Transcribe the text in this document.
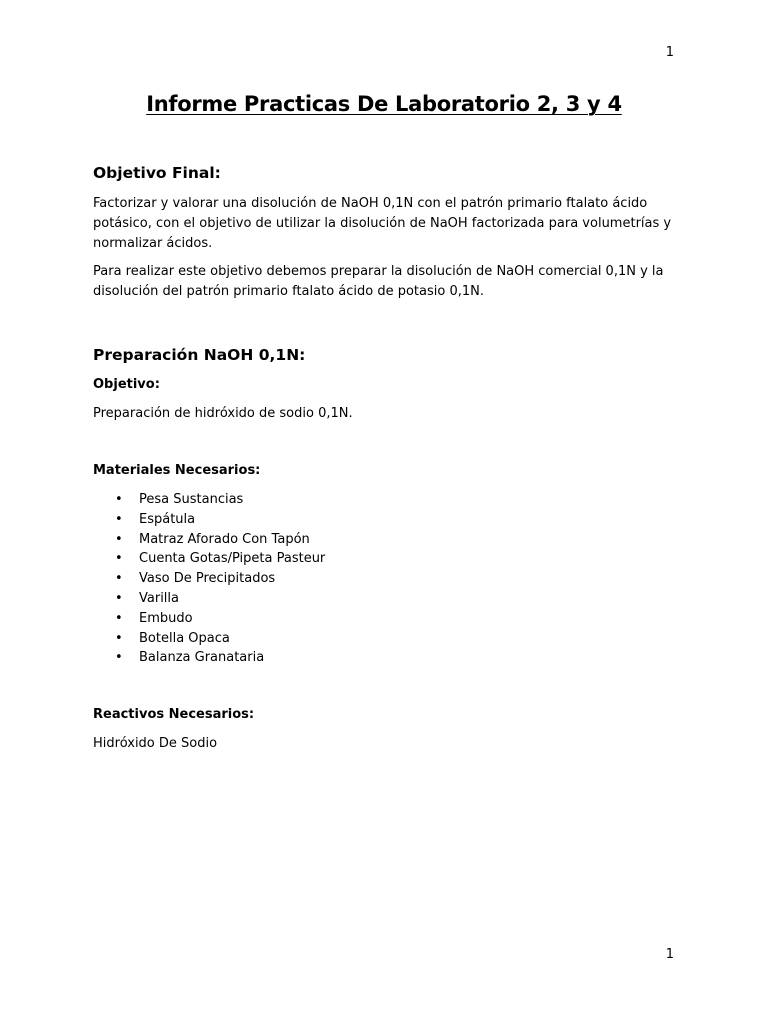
1
Informe Practicas De Laboratorio 2, 3 y 4
Objetivo Final:

Factorizar y valorar una disolución de NaOH 0,1N con el patrón primario ftalato ácido potásico, con el objetivo de utilizar la disolución de NaOH factorizada para volumetrías y normalizar ácidos.

Para realizar este objetivo debemos preparar la disolución de NaOH comercial 0,1N y la disolución del patrón primario ftalato ácido de potasio 0,1N.

Preparación NaOH 0,1N:
Objetivo:

Preparación de hidróxido de sodio 0,1N.

Materiales Necesarios:
• Pesa Sustancias
• Espátula
• Matraz Aforado Con Tapón
• Cuenta Gotas/Pipeta Pasteur
• Vaso De Precipitados
• Varilla
• Embudo
• Botella Opaca
• Balanza Granataria
Reactivos Necesarios:

Hidróxido De Sodio

1
